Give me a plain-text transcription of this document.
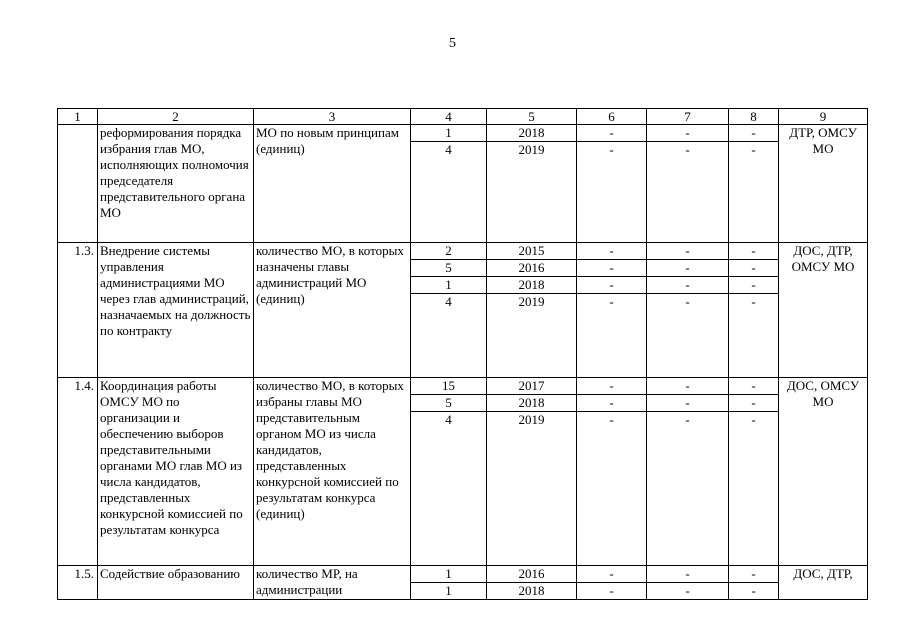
5
1	2	3	4	5	6	7	8	9
	реформирования порядка избрания глав МО, исполняющих полномочия председателя представительного органа МО	МО по новым принципам (единиц)	1	2018	-	-	-	ДТР, ОМСУ МО
			4	2019	-	-	-	
1.3.	Внедрение системы управления администрациями МО через глав администраций, назначаемых на должность по контракту	количество МО, в которых назначены главы администраций МО (единиц)	2	2015	-	-	-	ДОС, ДТР, ОМСУ МО
			5	2016	-	-	-	
			1	2018	-	-	-	
			4	2019	-	-	-	
1.4.	Координация работы ОМСУ МО по организации и обеспечению выборов представительными органами МО глав МО из числа кандидатов, представленных конкурсной комиссией по результатам конкурса	количество МО, в которых избраны главы МО представительным органом МО из числа кандидатов, представленных конкурсной комиссией по результатам конкурса (единиц)	15	2017	-	-	-	ДОС, ОМСУ МО
			5	2018	-	-	-	
			4	2019	-	-	-	
1.5.	Содействие образованию	количество МР, на администрации	1	2016	-	-	-	ДОС, ДТР,
			1	2018	-	-	-	
